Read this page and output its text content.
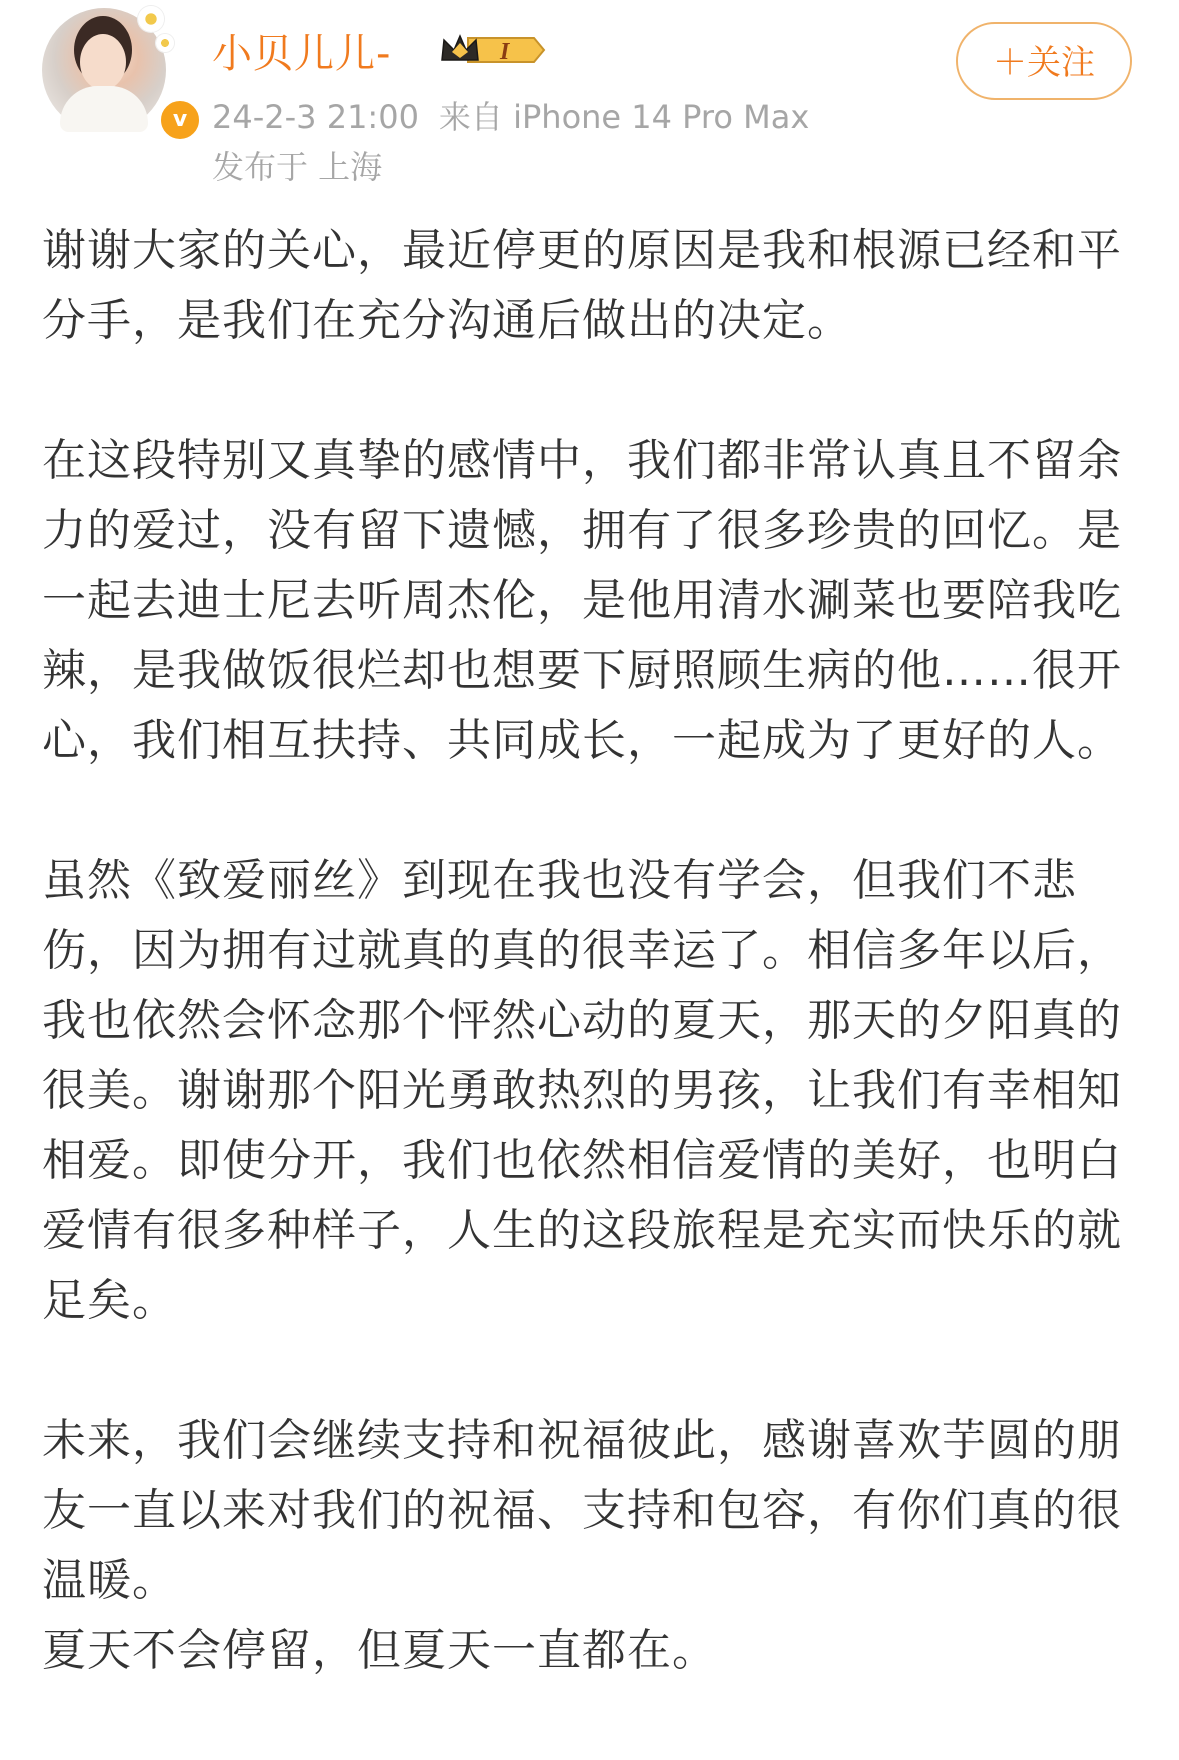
v
小贝儿儿-	I
24-2-3 21:00 来自 iPhone 14 Pro Max
发布于 上海
＋关注

谢谢大家的关心，最近停更的原因是我和根源已经和平分手，是我们在充分沟通后做出的决定。

在这段特别又真挚的感情中，我们都非常认真且不留余力的爱过，没有留下遗憾，拥有了很多珍贵的回忆。是一起去迪士尼去听周杰伦，是他用清水涮菜也要陪我吃辣，是我做饭很烂却也想要下厨照顾生病的他……很开心，我们相互扶持、共同成长，一起成为了更好的人。

虽然《致爱丽丝》到现在我也没有学会，但我们不悲伤，因为拥有过就真的真的很幸运了。相信多年以后，我也依然会怀念那个怦然心动的夏天，那天的夕阳真的很美。谢谢那个阳光勇敢热烈的男孩，让我们有幸相知相爱。即使分开，我们也依然相信爱情的美好，也明白爱情有很多种样子，人生的这段旅程是充实而快乐的就足矣。

未来，我们会继续支持和祝福彼此，感谢喜欢芋圆的朋友一直以来对我们的祝福、支持和包容，有你们真的很温暖。

夏天不会停留，但夏天一直都在。
